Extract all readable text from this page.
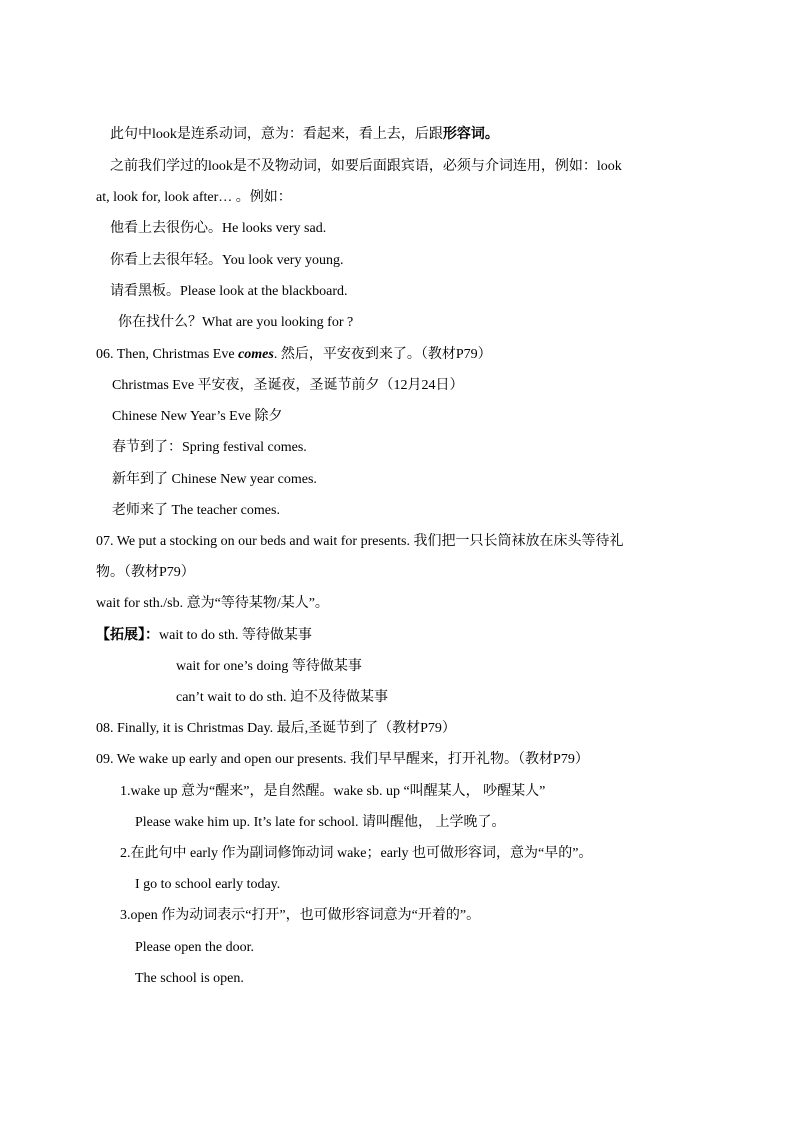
此句中look是连系动词，意为：看起来，看上去，后跟形容词。
之前我们学过的look是不及物动词，如要后面跟宾语，必须与介词连用，例如：look
at, look for, look after… 。例如：
他看上去很伤心。He looks very sad.
你看上去很年轻。You look very young.
请看黑板。Please look at the blackboard.
你在找什么？What are you looking for ?
06. Then, Christmas Eve comes. 然后，平安夜到来了。（教材P79）
Christmas Eve 平安夜，圣诞夜，圣诞节前夕（12月24日）
Chinese New Year’s Eve 除夕
春节到了：Spring festival comes.
新年到了 Chinese New year comes.
老师来了 The teacher comes.
07. We put a stocking on our beds and wait for presents. 我们把一只长筒袜放在床头等待礼
物。（教材P79）
wait for sth./sb. 意为“等待某物/某人”。
【拓展】：wait to do sth. 等待做某事
wait for one’s doing 等待做某事
can’t wait to do sth. 迫不及待做某事
08. Finally, it is Christmas Day. 最后,圣诞节到了（教材P79）
09. We wake up early and open our presents. 我们早早醒来，打开礼物。（教材P79）
1.wake up 意为“醒来”，是自然醒。wake sb. up “叫醒某人， 吵醒某人”
Please wake him up. It’s late for school. 请叫醒他， 上学晚了。
2.在此句中 early 作为副词修饰动词 wake；early 也可做形容词，意为“早的”。
I go to school early today.
3.open 作为动词表示“打开”，也可做形容词意为“开着的”。
Please open the door.
The school is open.
